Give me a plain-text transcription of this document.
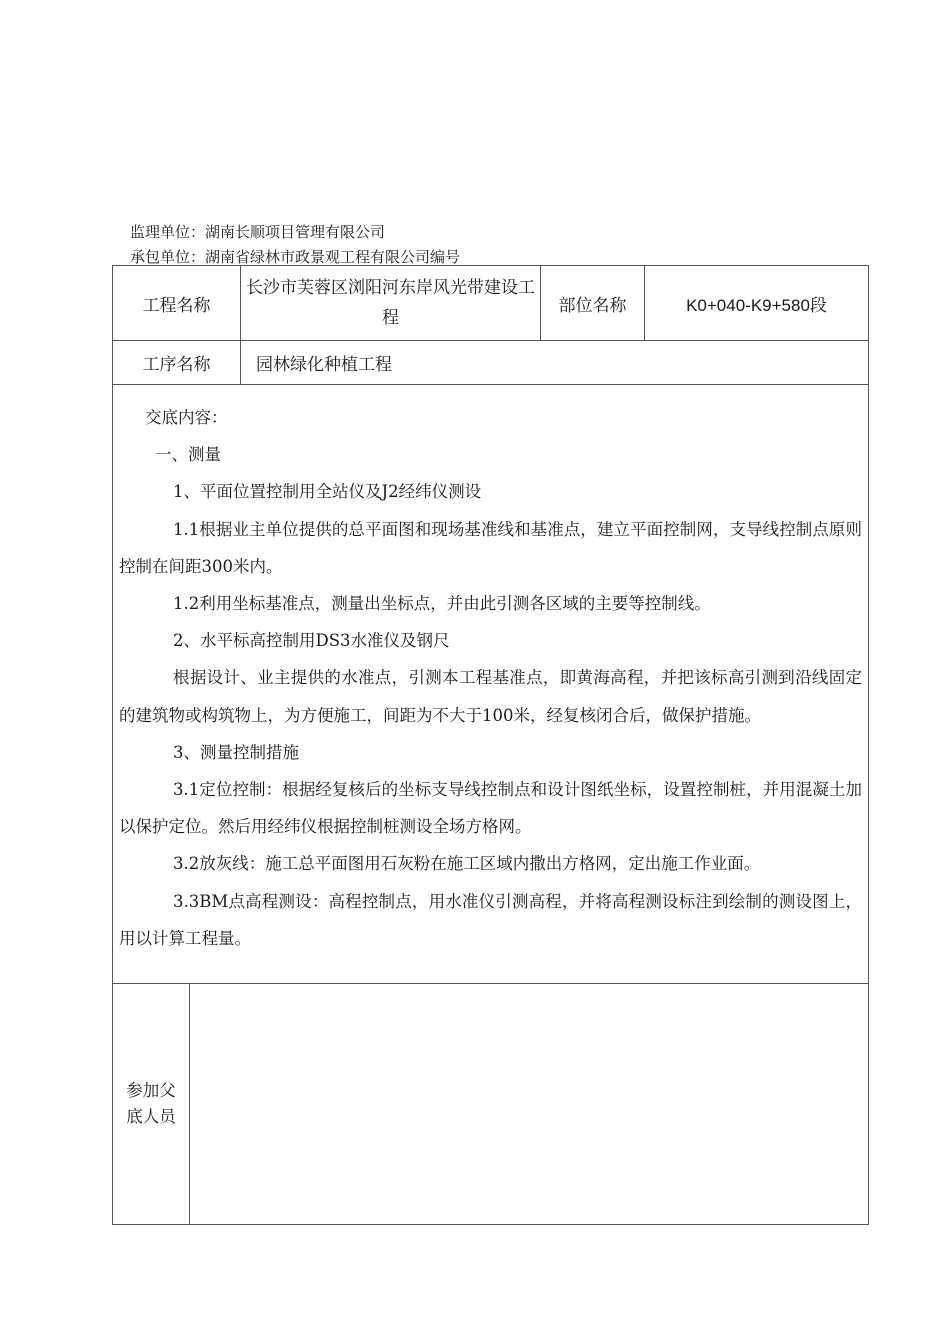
监理单位：湖南长顺项目管理有限公司
承包单位：湖南省绿林市政景观工程有限公司编号
工程名称
长沙市芙蓉区浏阳河东岸风光带建设工程
部位名称	K0+040-K9+580段
工序名称	园林绿化种植工程

交底内容：

一、测量

1、平面位置控制用全站仪及J2经纬仪测设

1.1根据业主单位提供的总平面图和现场基准线和基准点，建立平面控制网，支导线控制点原则控制在间距300米内。

1.2利用坐标基准点，测量出坐标点，并由此引测各区域的主要等控制线。

2、水平标高控制用DS3水准仪及钢尺

根据设计、业主提供的水准点，引测本工程基准点，即黄海高程，并把该标高引测到沿线固定的建筑物或构筑物上，为方便施工，间距为不大于100米，经复核闭合后，做保护措施。

3、测量控制措施

3.1定位控制：根据经复核后的坐标支导线控制点和设计图纸坐标，设置控制桩，并用混凝土加以保护定位。然后用经纬仪根据控制桩测设全场方格网。

3.2放灰线：施工总平面图用石灰粉在施工区域内撒出方格网，定出施工作业面。

3.3BM点高程测设：高程控制点，用水准仪引测高程，并将高程测设标注到绘制的测设图上，用以计算工程量。

参加父底人员
